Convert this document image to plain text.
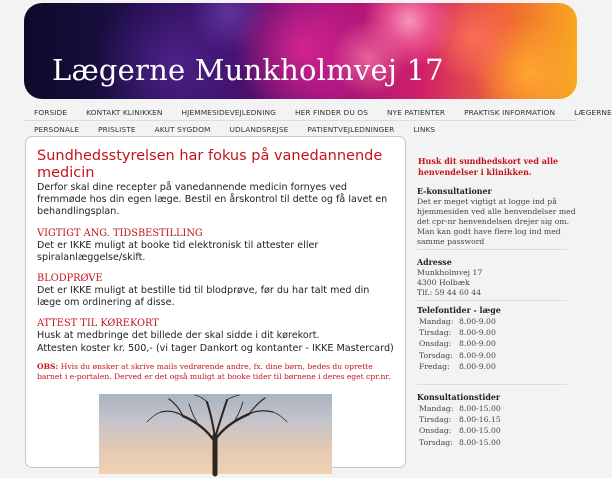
Lægerne Munkholmvej 17
FORSIDE	KONTAKT KLINIKKEN	HJEMMESIDEVEJLEDNING	HER FINDER DU OS	NYE PATIENTER	PRAKTISK INFORMATION	LÆGERNE
PERSONALE	PRISLISTE	AKUT SYGDOM	UDLANDSREJSE	PATIENTVEJLEDNINGER	LINKS
Sundhedsstyrelsen har fokus på vanedannende medicin

Derfor skal dine recepter på vanedannende medicin fornyes ved fremmøde hos din egen læge. Bestil en årskontrol til dette og få lavet en behandlingsplan.

VIGTIGT ANG. TIDSBESTILLING

Det er IKKE muligt at booke tid elektronisk til attester eller spiralanlæggelse/skift.

BLODPRØVE

Det er IKKE muligt at bestille tid til blodprøve, før du har talt med din læge om ordinering af disse.

ATTEST TIL KØREKORT

Husk at medbringe det billede der skal sidde i dit kørekort.

Attesten koster kr. 500,- (vi tager Dankort og kontanter - IKKE Mastercard)

OBS: Hvis du ønsker at skrive mails vedrørende andre, fx. dine børn, bedes du oprette barnet i e-portalen. Derved er det også muligt at booke tider til børnene i deres eget cpr.nr.

Husk dit sundhedskort ved alle henvendelser i klinikken.
E-konsultationer
Det er meget vigtigt at logge ind på hjemmesiden ved alle henvendelser med det cpr-nr henvendelsen drejer sig om. Man kan godt have flere log ind med samme password
Adresse
Munkholmvej 17
4300 Holbæk
Tlf.: 59 44 60 44
Telefontider - læge
Mandag: 8.00-9.00
Tirsdag:	8.00-9.00
Onsdag:	8.00-9.00
Torsdag: 8.00-9.00
Fredag:	8.00-9.00
Konsultationstider
Mandag: 8.00-15.00
Tirsdag:	8.00-16.15
Onsdag:	8.00-15.00
Torsdag: 8.00-15.00
